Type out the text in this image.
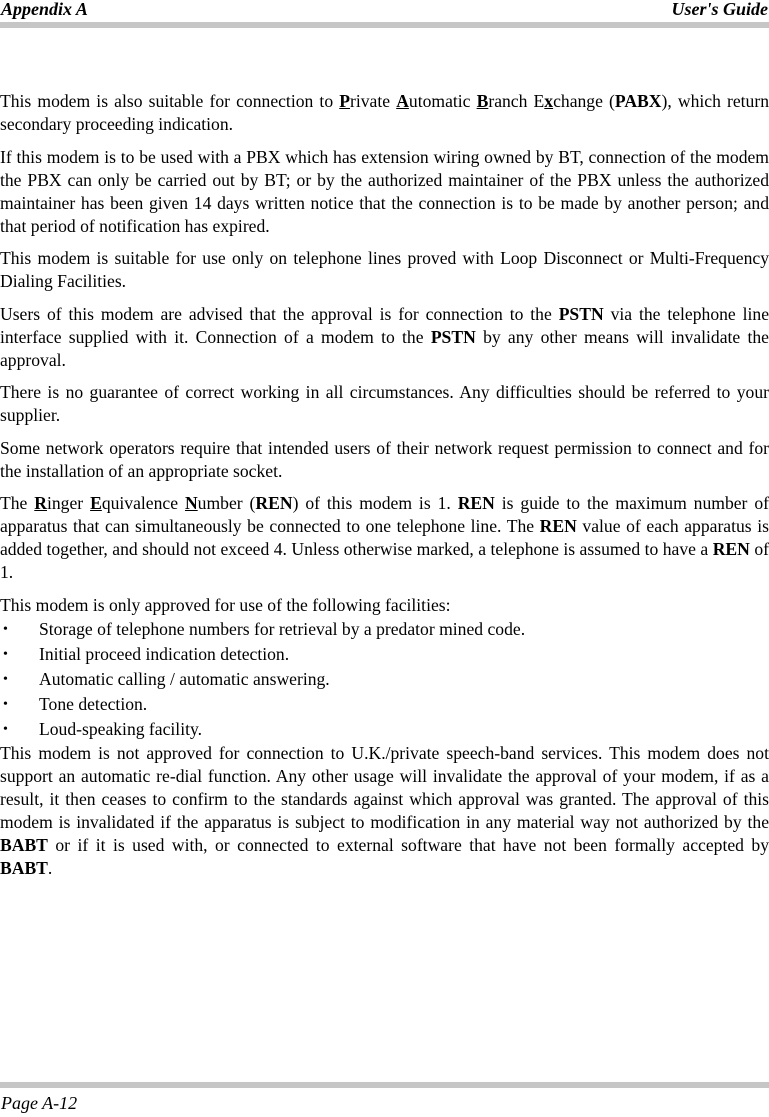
Appendix A	User's Guide

This modem is also suitable for connection to Private Automatic Branch Exchange (PABX), which return secondary proceeding indication.

If this modem is to be used with a PBX which has extension wiring owned by BT, connection of the modem the PBX can only be carried out by BT; or by the authorized maintainer of the PBX unless the authorized maintainer has been given 14 days written notice that the connection is to be made by another person; and that period of notification has expired.

This modem is suitable for use only on telephone lines proved with Loop Disconnect or Multi-Frequency Dialing Facilities.

Users of this modem are advised that the approval is for connection to the PSTN via the telephone line interface supplied with it. Connection of a modem to the PSTN by any other means will invalidate the approval.

There is no guarantee of correct working in all circumstances. Any difficulties should be referred to your supplier.

Some network operators require that intended users of their network request permission to connect and for the installation of an appropriate socket.

The Ringer Equivalence Number (REN) of this modem is 1. REN is guide to the maximum number of apparatus that can simultaneously be connected to one telephone line. The REN value of each apparatus is added together, and should not exceed 4. Unless otherwise marked, a telephone is assumed to have a REN of 1.

This modem is only approved for use of the following facilities:

• Storage of telephone numbers for retrieval by a predator mined code.
• Initial proceed indication detection.
• Automatic calling / automatic answering.
• Tone detection.
• Loud-speaking facility.

This modem is not approved for connection to U.K./private speech-band services. This modem does not support an automatic re-dial function. Any other usage will invalidate the approval of your modem, if as a result, it then ceases to confirm to the standards against which approval was granted. The approval of this modem is invalidated if the apparatus is subject to modification in any material way not authorized by the BABT or if it is used with, or connected to external software that have not been formally accepted by BABT.

Page A-12
